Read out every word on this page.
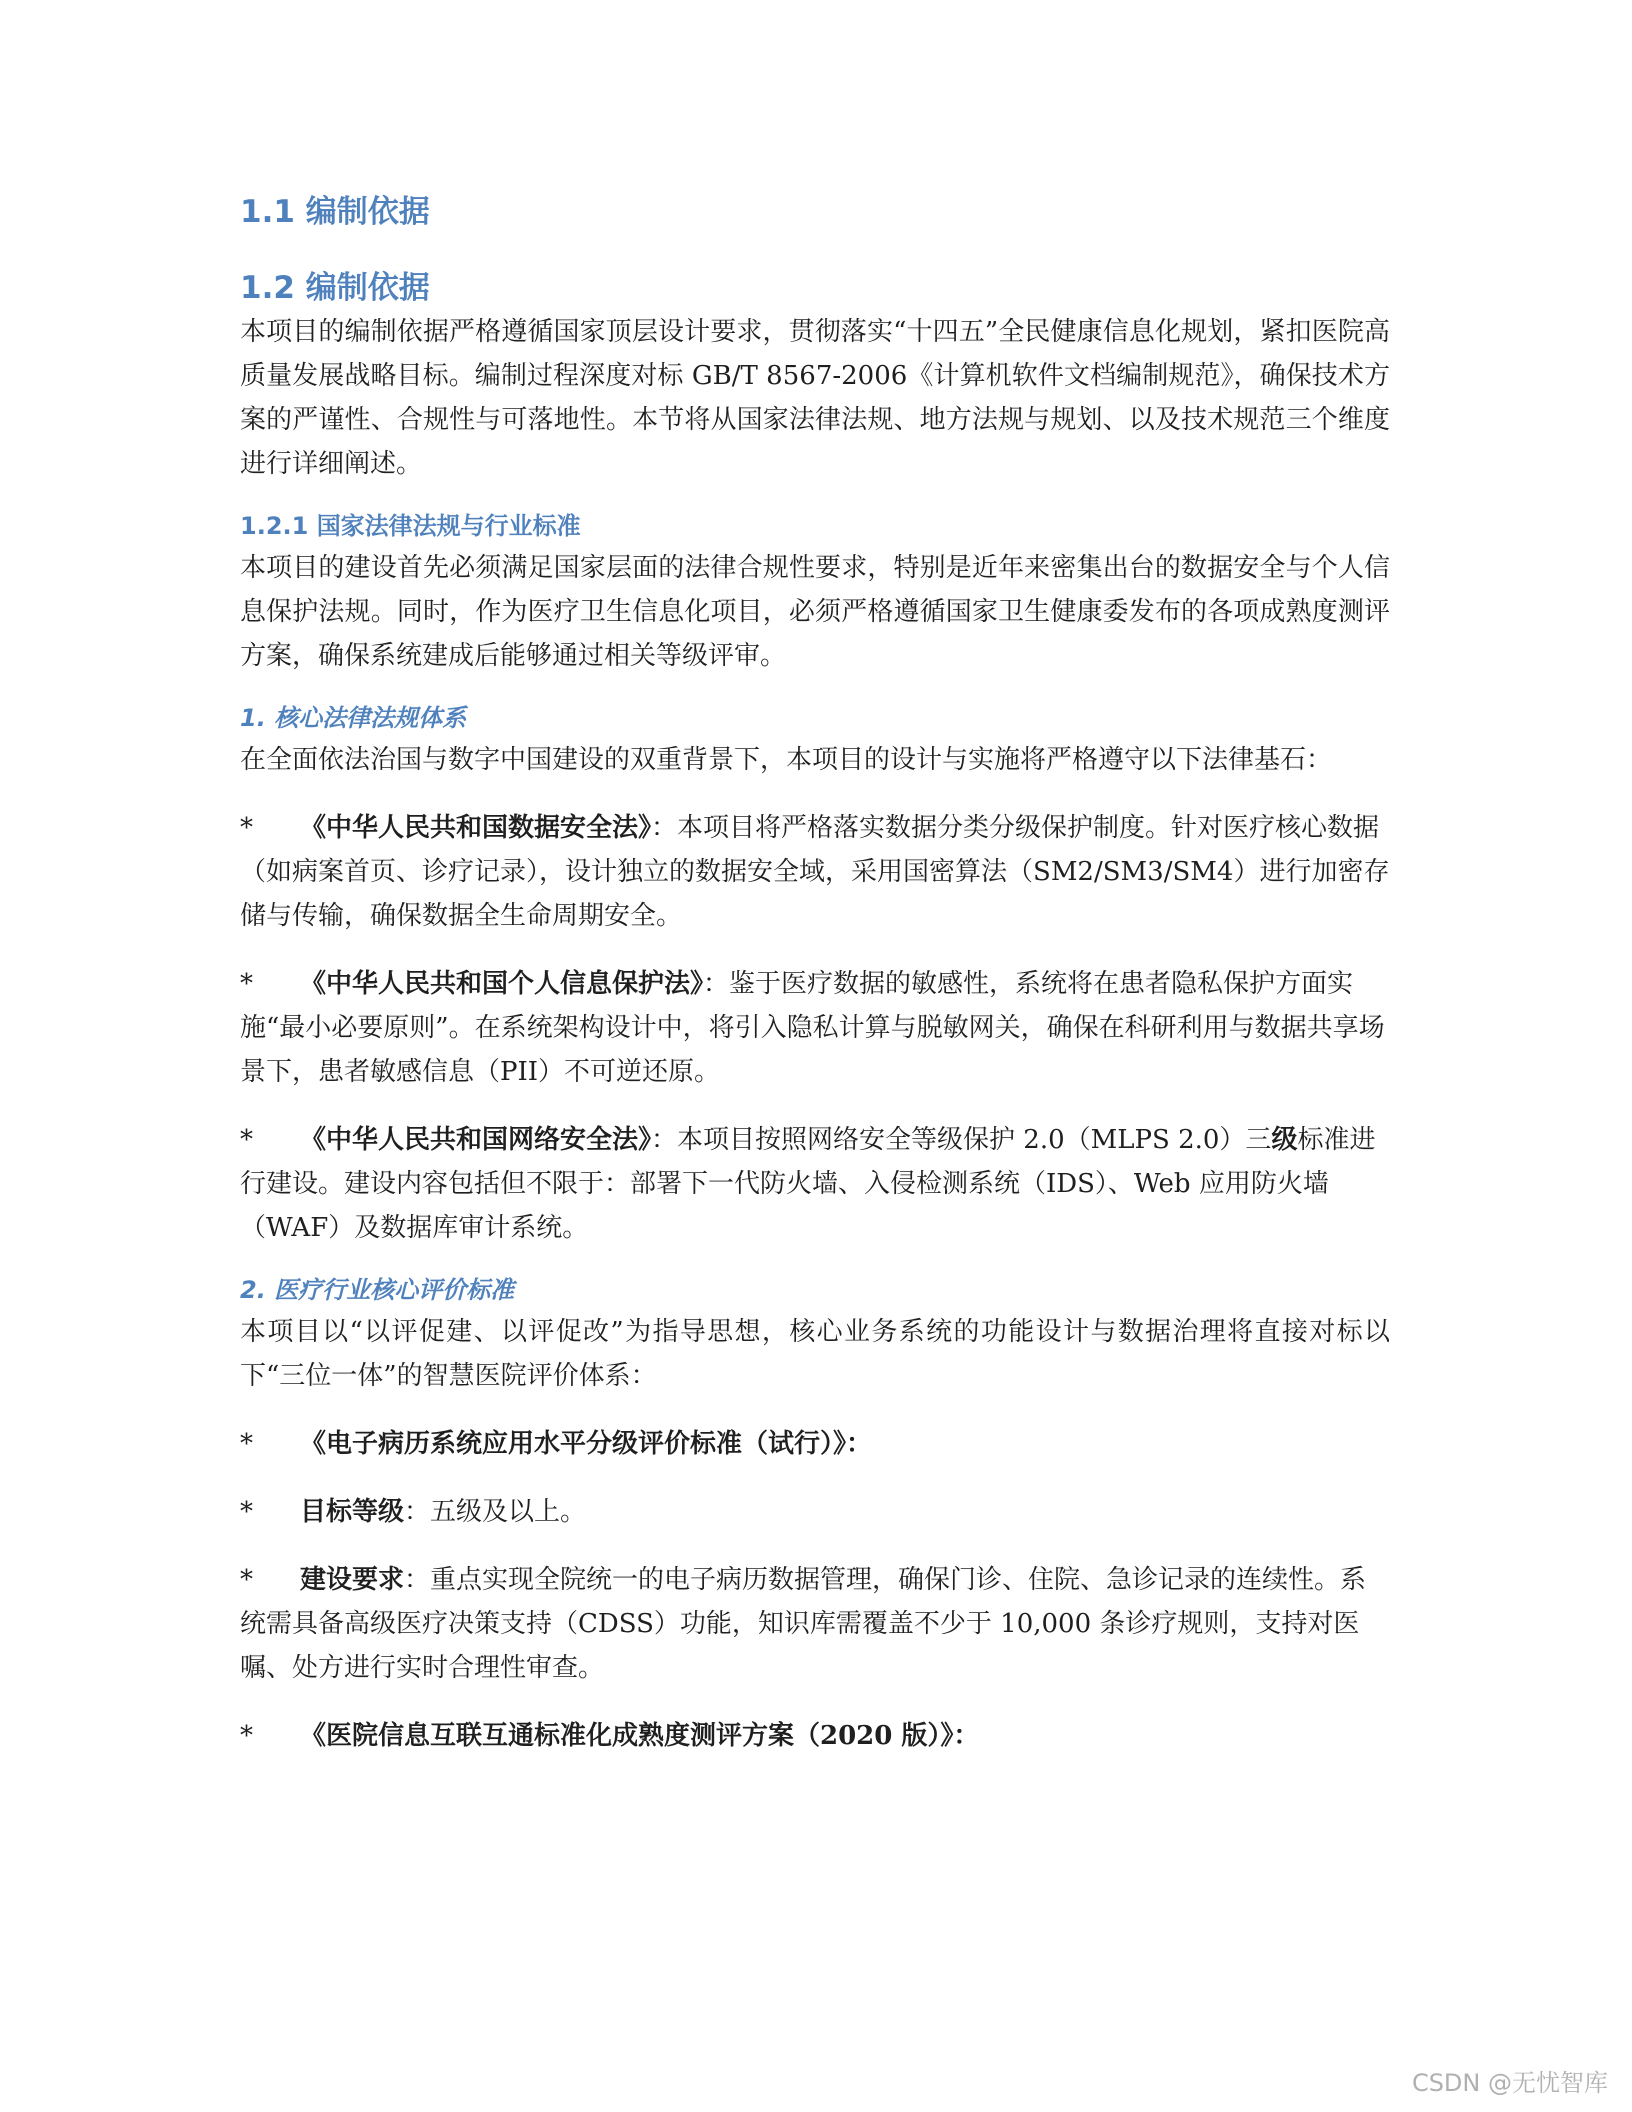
1.1 编制依据
1.2 编制依据

本项目的编制依据严格遵循国家顶层设计要求，贯彻落实“十四五”全民健康信息化规划，紧扣医院高质量发展战略目标。编制过程深度对标 GB/T 8567-2006《计算机软件文档编制规范》，确保技术方案的严谨性、合规性与可落地性。本节将从国家法律法规、地方法规与规划、以及技术规范三个维度进行详细阐述。

1.2.1 国家法律法规与行业标准

本项目的建设首先必须满足国家层面的法律合规性要求，特别是近年来密集出台的数据安全与个人信息保护法规。同时，作为医疗卫生信息化项目，必须严格遵循国家卫生健康委发布的各项成熟度测评方案，确保系统建成后能够通过相关等级评审。

1. 核心法律法规体系

在全面依法治国与数字中国建设的双重背景下，本项目的设计与实施将严格遵守以下法律基石：

* 《中华人民共和国数据安全法》：本项目将严格落实数据分类分级保护制度。针对医疗核心数据（如病案首页、诊疗记录），设计独立的数据安全域，采用国密算法（SM2/SM3/SM4）进行加密存储与传输，确保数据全生命周期安全。

* 《中华人民共和国个人信息保护法》：鉴于医疗数据的敏感性，系统将在患者隐私保护方面实施“最小必要原则”。在系统架构设计中，将引入隐私计算与脱敏网关，确保在科研利用与数据共享场景下，患者敏感信息（PII）不可逆还原。

* 《中华人民共和国网络安全法》：本项目按照网络安全等级保护 2.0（MLPS 2.0）三级标准进行建设。建设内容包括但不限于：部署下一代防火墙、入侵检测系统（IDS）、Web 应用防火墙（WAF）及数据库审计系统。

2. 医疗行业核心评价标准

本项目以“以评促建、以评促改”为指导思想，核心业务系统的功能设计与数据治理将直接对标以下“三位一体”的智慧医院评价体系：

* 《电子病历系统应用水平分级评价标准（试行）》：

* 目标等级：五级及以上。

* 建设要求：重点实现全院统一的电子病历数据管理，确保门诊、住院、急诊记录的连续性。系统需具备高级医疗决策支持（CDSS）功能，知识库需覆盖不少于 10,000 条诊疗规则，支持对医嘱、处方进行实时合理性审查。

* 《医院信息互联互通标准化成熟度测评方案（2020 版）》：

CSDN @无忧智库
